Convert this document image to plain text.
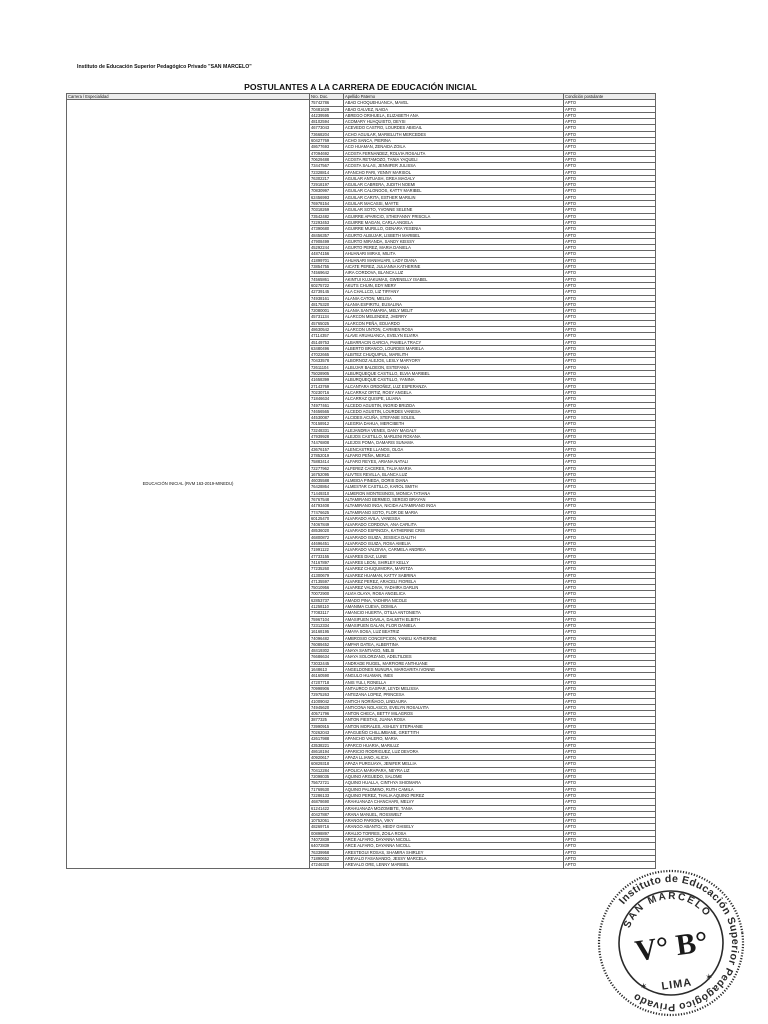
Instituto de Educación Superior Pedagógico Privado "SAN MARCELO"
POSTULANTES A LA CARRERA DE EDUCACIÓN INICIAL
Carrera / Especialidad	Nro. Doc.	Apellido Paterno	Condición postulante
EDUCACIÓN INICIAL (RVM 163-2019-MINEDU)	75742786	ABAD CHOQUEHUANCA, MAVEL	APTO
	70481629	ABAD GALVEZ, NAIDA	APTO
	44239595	ABREGO ORIHUELA, ELIZABETH ANA	APTO
	48102594	ACOMARY HUAQUISTO, DEYSI	APTO
	46773043	ACEVEDO CASTRO, LOURDES ABIGAIL	APTO
	73668204	ACHO AGUILAR, MARIELUTH MERCEDES	APTO
	60427769	ACHO SANCA, PIERINA	APTO
	48677693	ACO HUAMAN, ZENAIDA ZOILA	APTO
	47094692	ACOSTA FERNANDEZ, ROLVIA ROSALITA	APTO
	70629488	ACOSTA RETAMOZO, TANIA YAQUELI	APTO
	73447567	ACOSTA SALAS, JENNIFER JULISSA	APTO
	72328814	AFANCHO PARI, YENNY MARISOL	APTO
	76302217	AGUILAR ANTUASH, GREA MAGALY	APTO
	72918197	AGUILAR CABRERA, JUDITH NOEMI	APTO
	70830997	AGUILAR CALONGOS, KATTY MARIBEL	APTO
	62456993	AGUILAR CARITA, ESTHER MARILIN	APTO
	76978154	AGUILAR MACASSI, MAYTE	APTO
	70318269	AGUILAR SOTO, YVONNE SELENE	APTO
	73542482	AGUIRRE APARICIO, STHEFANNY PRISCILA	APTO
	72293453	AGUIRRE MAGAN, CARLA ANGELA	APTO
	47390680	AGUIRRE MURILLO, GENARA YESENIA	APTO
	48456357	AGURTO ALBUJAR, LISBETH MARIBEL	APTO
	47908499	AGURTO MIRANDA, SANDY KEISSY	APTO
	45292244	AGURTO PEREZ, MARIA DANIELA	APTO
	44874156	AHUANARI MIRAS, MILITA	APTO
	41899701	AHUANARI MANIHUARI, LADY DIANA	APTO
	73854755	AICATE PEREZ, JULIANNA KATHERINE	APTO
	74569642	AIRA CORDOVA, BLANCA LUZ	APTO
	74565861	AKINTUI KUJAKUMAS, GWENELLY ISABEL	APTO
	60275722	AKUTS CHUIN, EDY MERY	APTO
	42739145	ALA CHALLCO, LIZ TIFFANY	APTO
	74938161	ALANIA CATON, MELISA	APTO
	48175320	ALANIA ESPIRITU, EUSALINA	APTO
	72080001	ALANIA SANTAMARIA, MELY MELIT	APTO
	45731134	ALARCON MELENDEZ, JHERRY	APTO
	45765025	ALARCON PEÑA, EDUARDO	APTO
	48630542	ALARCON UNTON, CARMEN ROSA	APTO
	47114357	ALAVE ARUHUANCA, EVELYN ELVIRA	APTO
	45149753	ALBARRACIN GARCIA, PAMELA TRACY	APTO
	63480496	ALBERTO BRANCO, LOURDES MARIELA	APTO
	47022665	ALBITEZ CHUQUIPUL, MARILITH	APTO
	70433578	ALBORNOZ ALEJOS, LESLY MARYORY	APTO
	72611104	ALBUJAR BALDEON, ESTEFANIA	APTO
	75028905	ALBURQUEQUE CASTILLO, ELVIA MARIBEL	APTO
	41658399	ALBURQUEQUE CASTILLO, YANINA	APTO
	27143769	ALCANTARA ORDOÑEZ, LUZ ESPERANZA	APTO
	70230716	ALCARRAZ ORTIZ, ROSY ANGELA	APTO
	71846634	ALCARRAZ QUISPE, LILIANA	APTO
	74977461	ALCEDO AGUSTIN, INGRID BRIZIDA	APTO
	74656565	ALCEDO AGUSTIN, LOURDES VANESA	APTO
	44530087	ALCIDES ACUÑA, STEFANIE SOLEIL	APTO
	70158912	ALEGRIA DAHUA, MERCIBETH	APTO
	73248331	ALEJANDRIA VENES, DANY MAGALY	APTO
	47939928	ALEJOS CASTILLO, MARLENI ROXANA	APTO
	74476808	ALEJOS POMA, DAMARIS SUNAMA	APTO
	43676157	ALENCASTRE LLANOS, OLGA	APTO
	27852019	ALFARO PEÑA, MERLE	APTO
	75883414	ALFARO REYES, ARIANA NATALI	APTO
	72277962	ALFEREZ CACERES, TALIA MARIA	APTO
	16752095	ALIVTES REVILLA, BLANCA LUZ	APTO
	46035588	ALMEIDA PINEDA, DORIS DIANA	APTO
	76428864	ALMESTAR CASTILLO, KAROL SMITH	APTO
	71449310	ALMERON MONTESINOS, MONICA TATIANA	APTO
	76767548	ALTAMIRANO BERMEO, SERGIO BRAYAN	APTO
	44793408	ALTAMIRANO INGA, NICIDA ALTAMIRANO INGA	APTO
	77476625	ALTAMIRANO SOTO, FLOR DE MARIA	APTO
	60125470	ALVARADO AVILA, VANESSA	APTO
	74067849	ALVARADO CORDOVA, ANA CARLITA	APTO
	48536020	ALVARADO ESPINOZA, KATHERINE CRIS	APTO
	46800872	ALVARADO ISUIZA, JESSICA DALITH	APTO
	44696451	ALVARADO ISUIZA, ROSA AMELIA	APTO
	71991122	ALVARADO VALDIVIA, CARMELA ANDREA	APTO
	47733155	ALVARES DIAZ, LUNE	APTO
	74167897	ALVARES LEON, SHIRLEY KELLY	APTO
	77235260	ALVAREZ CHUQUIMORA, MARITZA	APTO
	41300679	ALVAREZ HUAMAN, KATTY SABRINA	APTO
	47135597	ALVAREZ PEREZ, ARACELI FIORELA	APTO
	75010956	ALVAREZ VALDIVIA, YADHIRA DARLIN	APTO
	70072900	ALVIA OLAYA, ROSA ANGELICA	APTO
	62853737	AMADO PINA, YADHIRA NICOLE	APTO
	41258110	AMANIMA CUEVA, DOMILA	APTO
	77083117	AMANCIO HUERTA, OTILIA ANTONIETA	APTO
	75967104	AMASIFUEN DAVILA, DALMITH ELBITH	APTO
	72312334	AMASIFUEN GALAN, FLOR DANIELA	APTO
	16168195	AMAYA SOSA, LUZ BEATRIZ	APTO
	74096482	AMBROSIO CONCEPCION, YANELI KATHERINE	APTO
	76089452	AMPAR DATEA, ALBERTINA	APTO
	48419302	ANAYA SANTIAGO, NELSI	APTO
	76686634	ANAYA SOLORZANO, ADELTILDES	APTO
	73032445	ANDRADE RUGEL, MARFIORE ANTHUANE	APTO
	1648613	ANGELDONES NUNURA, MARGARITA IVONNE	APTO
	46160590	ANGULO HUAMAN, INES	APTO
	47207718	ANIS YULI, RONELLA	APTO
	70998906	ANTAURCO GASPAR, LEYDI MELISSA	APTO
	72975263	ANTEZANA LOPEZ, PRINCESA	APTO
	41009042	ANTICH NORIÑAGO, LINDAURA	APTO
	74945620	ANTICONA NOLASCO, EVELYN ROSALVITA	APTO
	40571796	ANTON CHECA, BETTY MILAGROS	APTO
	3877325	ANTON FIESTAS, JUANA ROSA	APTO
	73990915	ANTON MORALES, ASHLEY STEPHANIE	APTO
	70262043	APAGUEÑO CHILLIMBANE, GRETTITH	APTO
	42617988	APANCHO VALERO, MARIA	APTO
	43538221	APARCO HUARIA, MARILUZ	APTO
	48618194	APARICIO RODRIGUEZ, LUZ DEVORA	APTO
	40920617	APAZA LLIANO, ALICIA	APTO
	60829318	APAZA PURGUAYA, JENIFER MELLIA	APTO
	70412284	APOLICA MARAPARA, NEYRA LIZ	APTO
	72098035	AQUINO ARGUEDO, SALOME	APTO
	75672721	AQUINO HUALLA, CINTHYA SHIOMARA	APTO
	71769530	AQUINO PALOMINO, RUTH CAMILA	APTO
	72286133	AQUINO PEREZ, THALIA AQUINO PEREZ	APTO
	46878690	ARAHUANAZA CHANCHARI, MELVY	APTO
	61241422	ARAHUANAZA MOZOMBITE, TANIA	APTO
	40427887	ARANA MANUEL, ROSSWELT	APTO
	10752061	ARANGO PARIONA, VIKY	APTO
	48269716	ARANGO ABANTO, HEIDY GHISELY	APTO
	00898897	ARAUJO TORRES, ZOILA ROSA	APTO
	74072839	ARCE ALFARO, DAYANNA NICOLL	APTO
	64072839	ARCE ALFARO, DAYANNA NICOLL	APTO
	76339958	ARESTEGUI ROSAS, SHAMIRA SHIRLEY	APTO
	71890652	AREVALO FASANANDO, JESSY MARCELA	APTO
	47246320	AREVALO ORE, LENNY MARIBEL	APTO
Instituto de Educación Superior Pedagógico Privado
SAN MARCELO
V° B°
LIMA
✶
✶
